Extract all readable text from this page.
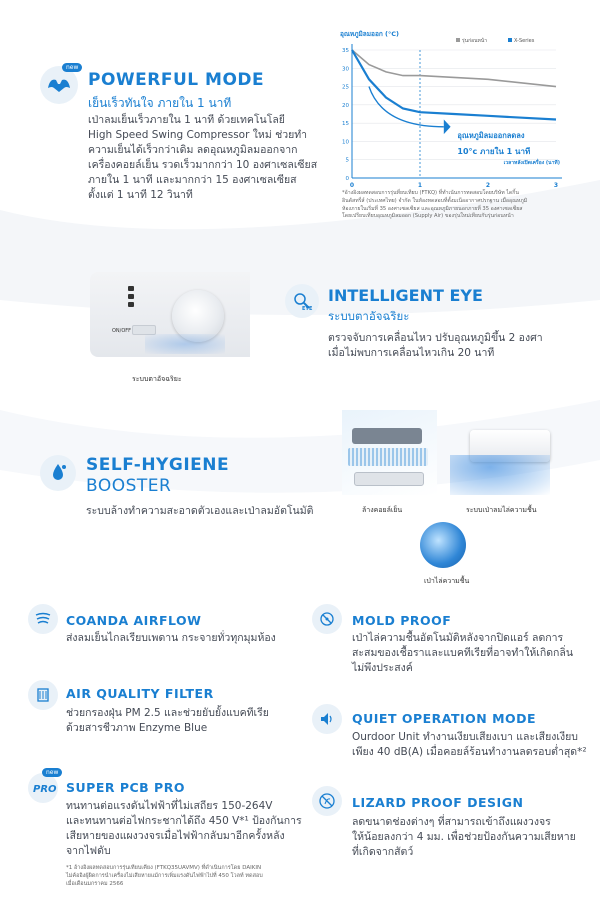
new
POWERFUL MODE
เย็นเร็วทันใจ ภายใน 1 นาที
เป่าลมเย็นเร็วภายใน 1 นาที ด้วยเทคโนโลยี
High Speed Swing Compressor ใหม่ ช่วยทำ
ความเย็นได้เร็วกว่าเดิม ลดอุณหภูมิลมออกจาก
เครื่องคอยล์เย็น รวดเร็วมากกว่า 10 องศาเซลเซียส
ภายใน 1 นาที และมากกว่า 15 องศาเซลเซียส
ตั้งแต่ 1 นาที 12 วินาที
อุณหภูมิลมออก (°C)
35
30
25
20
15
10
5
0
0	1	2	3
เวลาหลังเปิดเครื่อง (นาที)
รุ่นก่อนหน้า	X-Series
อุณหภูมิลมออกลดลง
10°c ภายใน 1 นาที
*อ้างอิงผลทดสอบการรุ่นที่ยบเทียบ (FTKQ) ที่ทำเน้นการทดสอบโดยบริษัท ไดกิ้น
อินดัสทรี่ส์ (ประเทศไทย) จำกัด ในห้องทดสอบที่ตั้งมเนีออากาศปรกฐาน เมื่ออุณหภูมิ
ห้องภายในเริ่มที่ 35 องศาเซลเซียส และอุณหภูมิภายนอกภายที่ 35 องศาเซลเซียส
โดยเปรียบเทียบอุณหภูมิลมออก (Supply Air) ของรุ่นใหม่เทียบกับรุ่นก่อนหน้า
ON/OFF
ระบบตาอัจฉริยะ
EYE
INTELLIGENT EYE
ระบบตาอัจฉริยะ
ตรวจจับการเคลื่อนไหว ปรับอุณหภูมิขึ้น 2 องศา
เมื่อไม่พบการเคลื่อนไหวเกิน 20 นาที
SELF-HYGIENE
BOOSTER
ระบบล้างทำความสะอาดตัวเองและเป่าลมอัตโนมัติ	ล้างคอยล์เย็น	ระบบเป่าลมไล่ความชื้น
เป่าไล่ความชื้น
COANDA AIRFLOW
ส่งลมเย็นไกลเรียบเพดาน กระจายทั่วทุกมุมห้อง
AIR QUALITY FILTER
ช่วยกรองฝุ่น PM 2.5 และช่วยยับยั้งแบคทีเรีย
ด้วยสารชีวภาพ Enzyme Blue
PRO
new
SUPER PCB PRO
ทนทานต่อแรงดันไฟฟ้าที่ไม่เสถียร 150-264V
และทนทานต่อไฟกระชากได้ถึง 450 V*¹ ป้องกันการ
เสียหายของแผงวงจรเมื่อไฟฟ้ากลับมาอีกครั้งหลัง
จากไฟดับ
*1 อ้างอิงผลทดสอบการรุ่นเทียบเคียง (FTKQ35UAVMV) ที่ดำเนินการโดย DAIKIN
ไม่ค้ออิงผู้ผิดการนำเครื่องไม่เสียหายแม้การเพิ่มแรงดันไฟฟ้าไปที่ 450 โวลท์ ทดสอบ
เมื่อเดือนมกราคม 2566
MOLD PROOF
เป่าไล่ความชื้นอัตโนมัติหลังจากปิดแอร์ ลดการ
สะสมของเชื้อราและแบคทีเรียที่อาจทำให้เกิดกลิ่น
ไม่พึงประสงค์
QUIET OPERATION MODE
Ourdoor Unit ทำงานเงียบเสียงเบา และเสียงเงียบ
เพียง 40 dB(A) เมื่อคอยล์ร้อนทำงานลดรอบต่ำสุด*²
LIZARD PROOF DESIGN
ลดขนาดช่องต่างๆ ที่สามารถเข้าถึงแผงวงจร
ให้น้อยลงกว่า 4 มม. เพื่อช่วยป้องกันความเสียหาย
ที่เกิดจากสัตว์
